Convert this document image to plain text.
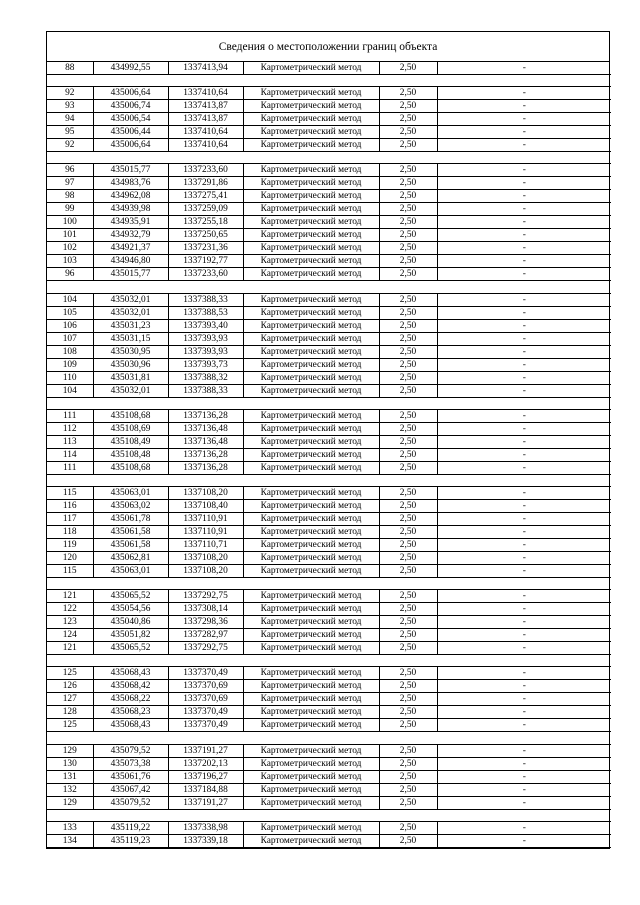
Сведения о местоположении границ объекта
88	434992,55	1337413,94	Картометрический метод	2,50	-

92	435006,64	1337410,64	Картометрический метод	2,50	-
93	435006,74	1337413,87	Картометрический метод	2,50	-
94	435006,54	1337413,87	Картометрический метод	2,50	-
95	435006,44	1337410,64	Картометрический метод	2,50	-
92	435006,64	1337410,64	Картометрический метод	2,50	-

96	435015,77	1337233,60	Картометрический метод	2,50	-
97	434983,76	1337291,86	Картометрический метод	2,50	-
98	434962,08	1337275,41	Картометрический метод	2,50	-
99	434939,98	1337259,09	Картометрический метод	2,50	-
100	434935,91	1337255,18	Картометрический метод	2,50	-
101	434932,79	1337250,65	Картометрический метод	2,50	-
102	434921,37	1337231,36	Картометрический метод	2,50	-
103	434946,80	1337192,77	Картометрический метод	2,50	-
96	435015,77	1337233,60	Картометрический метод	2,50	-

104	435032,01	1337388,33	Картометрический метод	2,50	-
105	435032,01	1337388,53	Картометрический метод	2,50	-
106	435031,23	1337393,40	Картометрический метод	2,50	-
107	435031,15	1337393,93	Картометрический метод	2,50	-
108	435030,95	1337393,93	Картометрический метод	2,50	-
109	435030,96	1337393,73	Картометрический метод	2,50	-
110	435031,81	1337388,32	Картометрический метод	2,50	-
104	435032,01	1337388,33	Картометрический метод	2,50	-

111	435108,68	1337136,28	Картометрический метод	2,50	-
112	435108,69	1337136,48	Картометрический метод	2,50	-
113	435108,49	1337136,48	Картометрический метод	2,50	-
114	435108,48	1337136,28	Картометрический метод	2,50	-
111	435108,68	1337136,28	Картометрический метод	2,50	-

115	435063,01	1337108,20	Картометрический метод	2,50	-
116	435063,02	1337108,40	Картометрический метод	2,50	-
117	435061,78	1337110,91	Картометрический метод	2,50	-
118	435061,58	1337110,91	Картометрический метод	2,50	-
119	435061,58	1337110,71	Картометрический метод	2,50	-
120	435062,81	1337108,20	Картометрический метод	2,50	-
115	435063,01	1337108,20	Картометрический метод	2,50	-

121	435065,52	1337292,75	Картометрический метод	2,50	-
122	435054,56	1337308,14	Картометрический метод	2,50	-
123	435040,86	1337298,36	Картометрический метод	2,50	-
124	435051,82	1337282,97	Картометрический метод	2,50	-
121	435065,52	1337292,75	Картометрический метод	2,50	-

125	435068,43	1337370,49	Картометрический метод	2,50	-
126	435068,42	1337370,69	Картометрический метод	2,50	-
127	435068,22	1337370,69	Картометрический метод	2,50	-
128	435068,23	1337370,49	Картометрический метод	2,50	-
125	435068,43	1337370,49	Картометрический метод	2,50	-

129	435079,52	1337191,27	Картометрический метод	2,50	-
130	435073,38	1337202,13	Картометрический метод	2,50	-
131	435061,76	1337196,27	Картометрический метод	2,50	-
132	435067,42	1337184,88	Картометрический метод	2,50	-
129	435079,52	1337191,27	Картометрический метод	2,50	-

133	435119,22	1337338,98	Картометрический метод	2,50	-
134	435119,23	1337339,18	Картометрический метод	2,50	-
